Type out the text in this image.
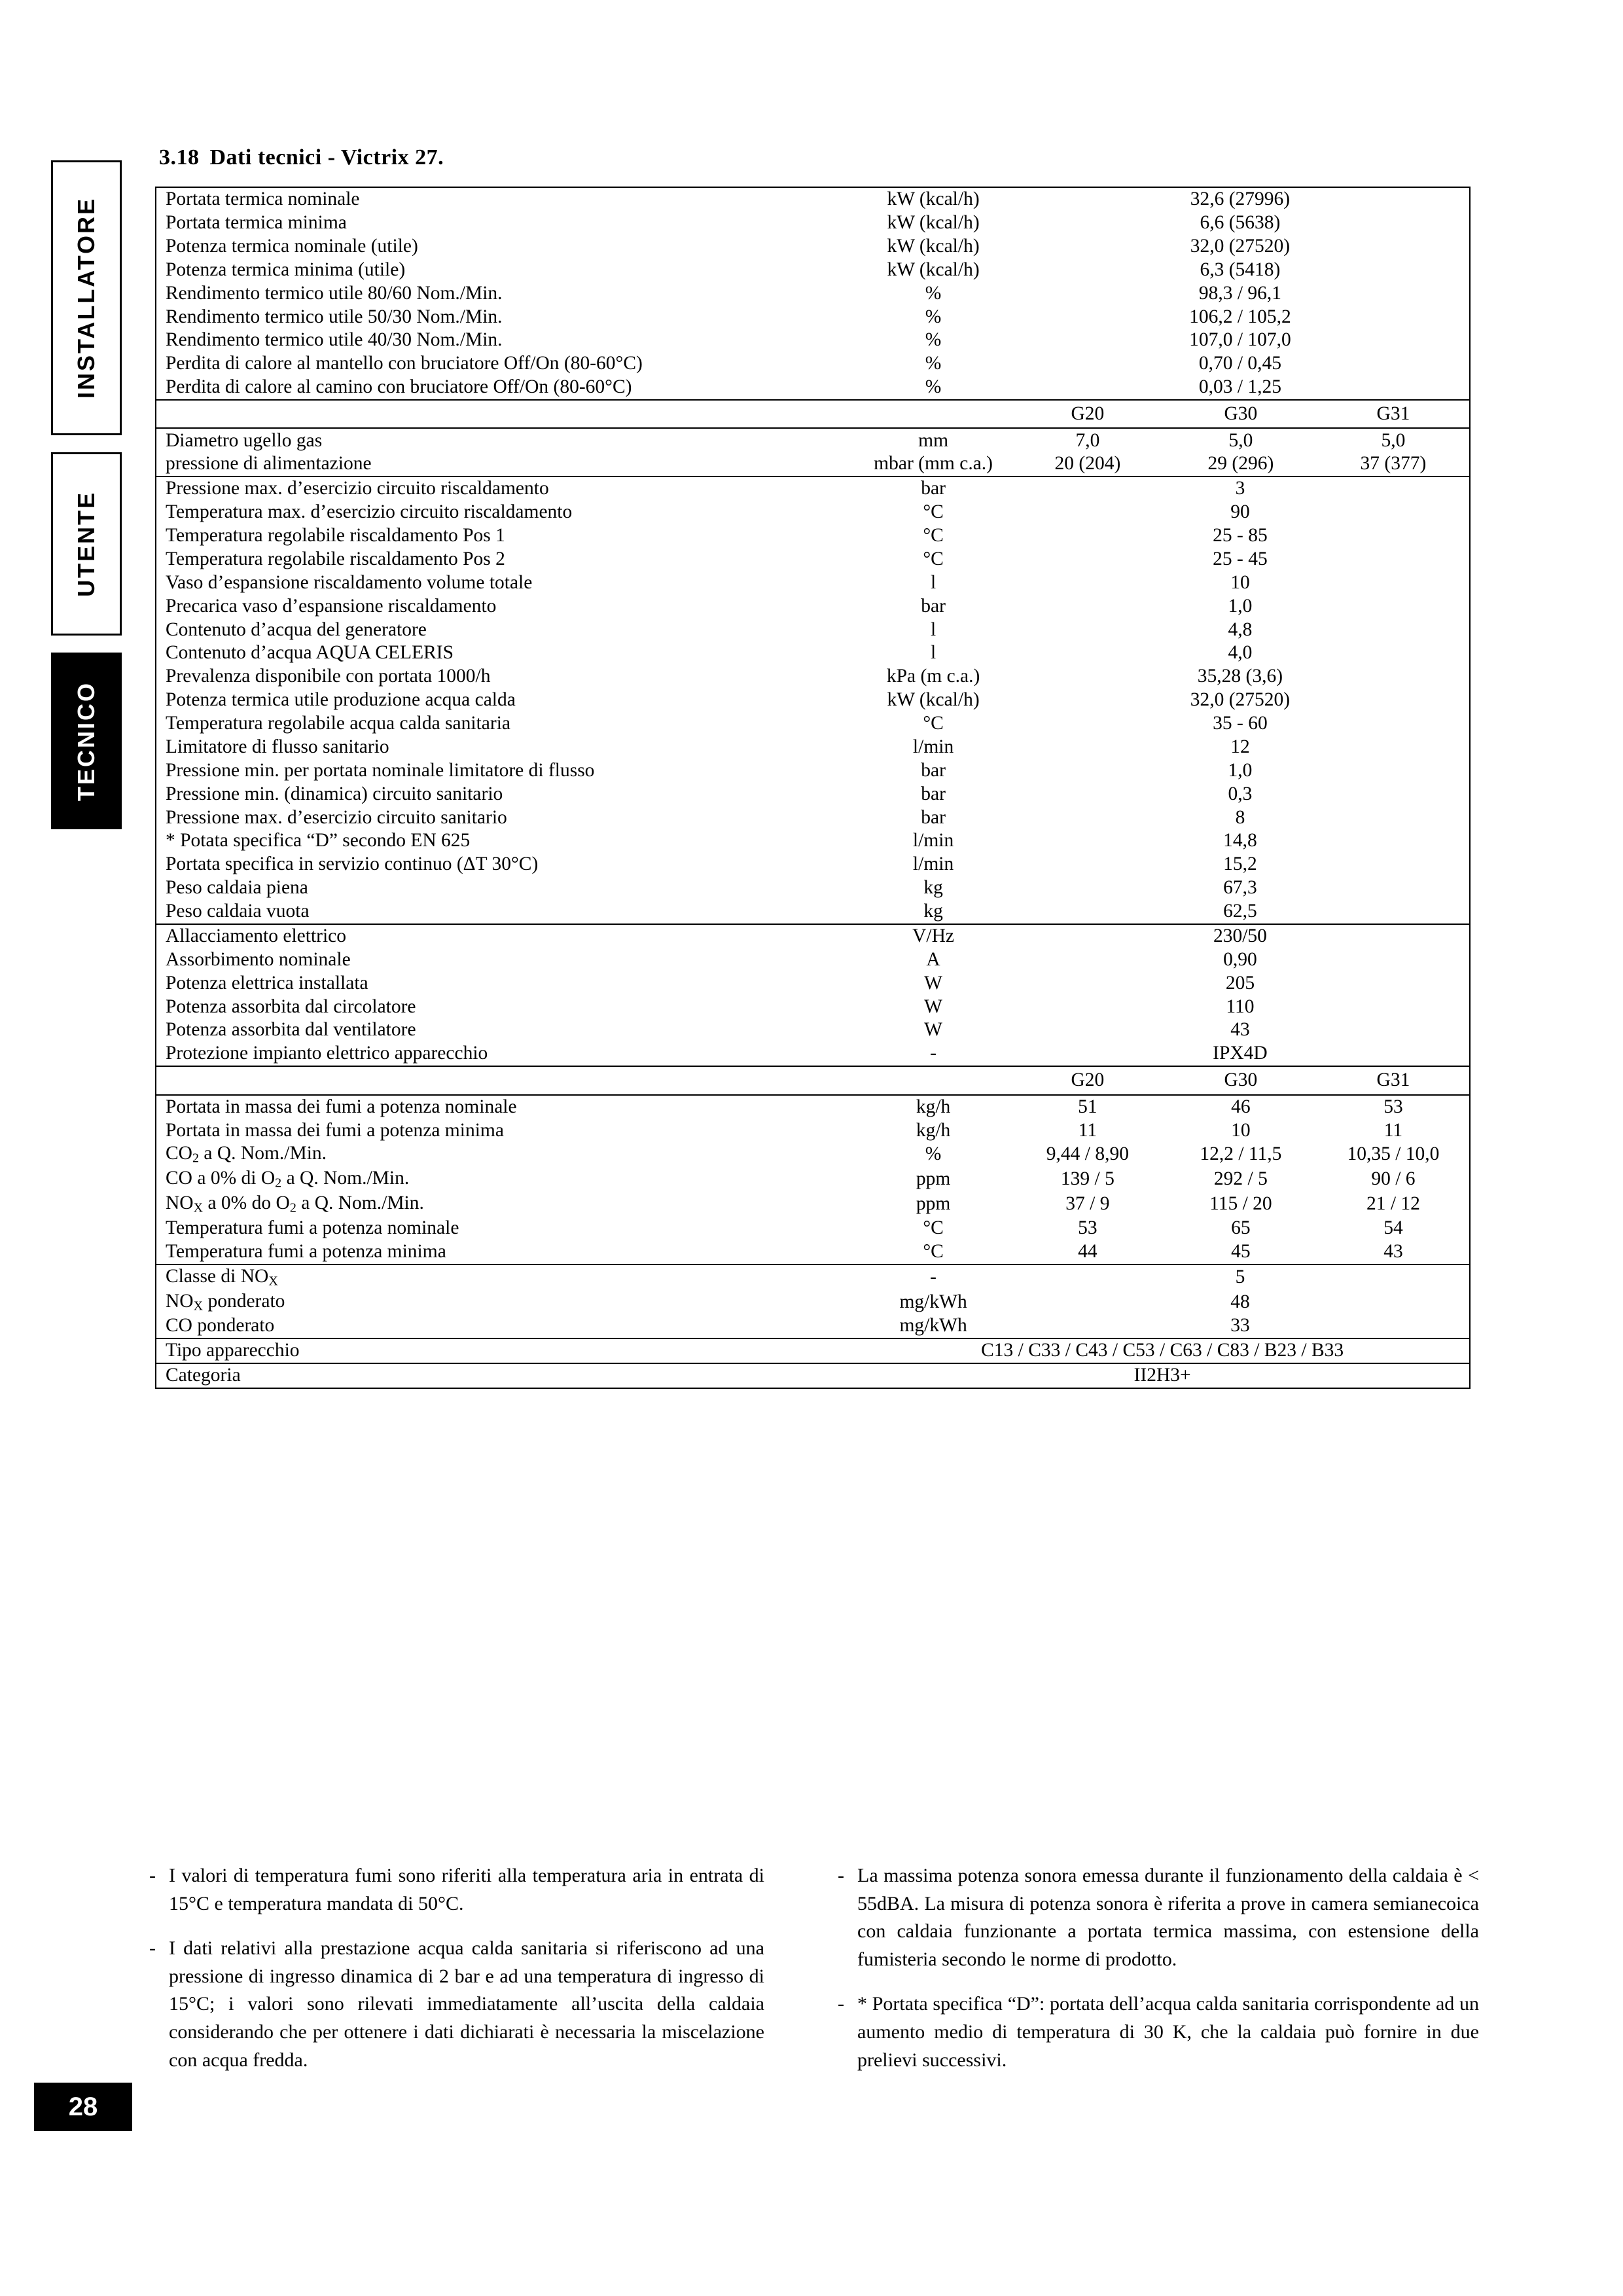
INSTALLATORE
UTENTE
TECNICO
28
3.18 Dati tecnici - Victrix 27.
Portata termica nominale	kW (kcal/h)	32,6 (27996)		
Portata termica minima	kW (kcal/h)	6,6 (5638)		
Potenza termica nominale (utile)	kW (kcal/h)	32,0 (27520)		
Potenza termica minima (utile)	kW (kcal/h)	6,3 (5418)		
Rendimento termico utile 80/60 Nom./Min.	%	98,3 / 96,1		
Rendimento termico utile 50/30 Nom./Min.	%	106,2 / 105,2		
Rendimento termico utile 40/30 Nom./Min.	%	107,0 / 107,0		
Perdita di calore al mantello con bruciatore Off/On (80-60°C)	%	0,70 / 0,45		
Perdita di calore al camino con bruciatore Off/On (80-60°C)	%	0,03 / 1,25		
		G20	G30	G31
Diametro ugello gas	mm	7,0	5,0	5,0
pressione di alimentazione	mbar (mm c.a.)	20 (204)	29 (296)	37 (377)
Pressione max. d’esercizio circuito riscaldamento	bar	3		
Temperatura max. d’esercizio circuito riscaldamento	°C	90		
Temperatura regolabile riscaldamento Pos 1	°C	25 - 85		
Temperatura regolabile riscaldamento Pos 2	°C	25 - 45		
Vaso d’espansione riscaldamento volume totale	l	10		
Precarica vaso d’espansione riscaldamento	bar	1,0		
Contenuto d’acqua del generatore	l	4,8		
Contenuto d’acqua AQUA CELERIS	l	4,0		
Prevalenza disponibile con portata 1000/h	kPa (m c.a.)	35,28 (3,6)		
Potenza termica utile produzione acqua calda	kW (kcal/h)	32,0 (27520)		
Temperatura regolabile acqua calda sanitaria	°C	35 - 60		
Limitatore di flusso sanitario	l/min	12		
Pressione min. per portata nominale limitatore di flusso	bar	1,0		
Pressione min. (dinamica) circuito sanitario	bar	0,3		
Pressione max. d’esercizio circuito sanitario	bar	8		
* Potata specifica “D” secondo EN 625	l/min	14,8		
Portata specifica in servizio continuo (ΔT 30°C)	l/min	15,2		
Peso caldaia piena	kg	67,3		
Peso caldaia vuota	kg	62,5		
Allacciamento elettrico	V/Hz	230/50		
Assorbimento nominale	A	0,90		
Potenza elettrica installata	W	205		
Potenza assorbita dal circolatore	W	110		
Potenza assorbita dal ventilatore	W	43		
Protezione impianto elettrico apparecchio	-	IPX4D		
		G20	G30	G31
Portata in massa dei fumi a potenza nominale	kg/h	51	46	53
Portata in massa dei fumi a potenza minima	kg/h	11	10	11
$CO_2$ a Q. Nom./Min.	%	9,44 / 8,90	12,2 / 11,5	10,35 / 10,0
CO a 0% di $O_2$ a Q. Nom./Min.	ppm	139 / 5	292 / 5	90 / 6
$NO_X$ a 0% do $O_2$ a Q. Nom./Min.	ppm	37 / 9	115 / 20	21 / 12
Temperatura fumi a potenza nominale	°C	53	65	54
Temperatura fumi a potenza minima	°C	44	45	43
Classe di $NO_X$	-	5		
$NO_X$ ponderato	mg/kWh	48		
CO ponderato	mg/kWh	33		
Tipo apparecchio	C13 / C33 / C43 / C53 / C63 / C83 / B23 / B33			
Categoria	II2H3+			
- I valori di temperatura fumi sono riferiti alla temperatura aria in entrata di 15°C e temperatura mandata di 50°C.
- I dati relativi alla prestazione acqua calda sanitaria si riferiscono ad una pressione di ingresso dinamica di 2 bar e ad una temperatura di ingresso di 15°C; i valori sono rilevati immediatamente all’uscita della caldaia considerando che per ottenere i dati dichiarati è necessaria la miscelazione con acqua fredda.
- La massima potenza sonora emessa durante il funzionamento della caldaia è < 55dBA. La misura di potenza sonora è riferita a prove in camera semianecoica con caldaia funzionante a portata termica massima, con estensione della fumisteria secondo le norme di prodotto.
- * Portata specifica “D”: portata dell’acqua calda sanitaria corrispondente ad un aumento medio di temperatura di 30 K, che la caldaia può fornire in due prelievi successivi.
